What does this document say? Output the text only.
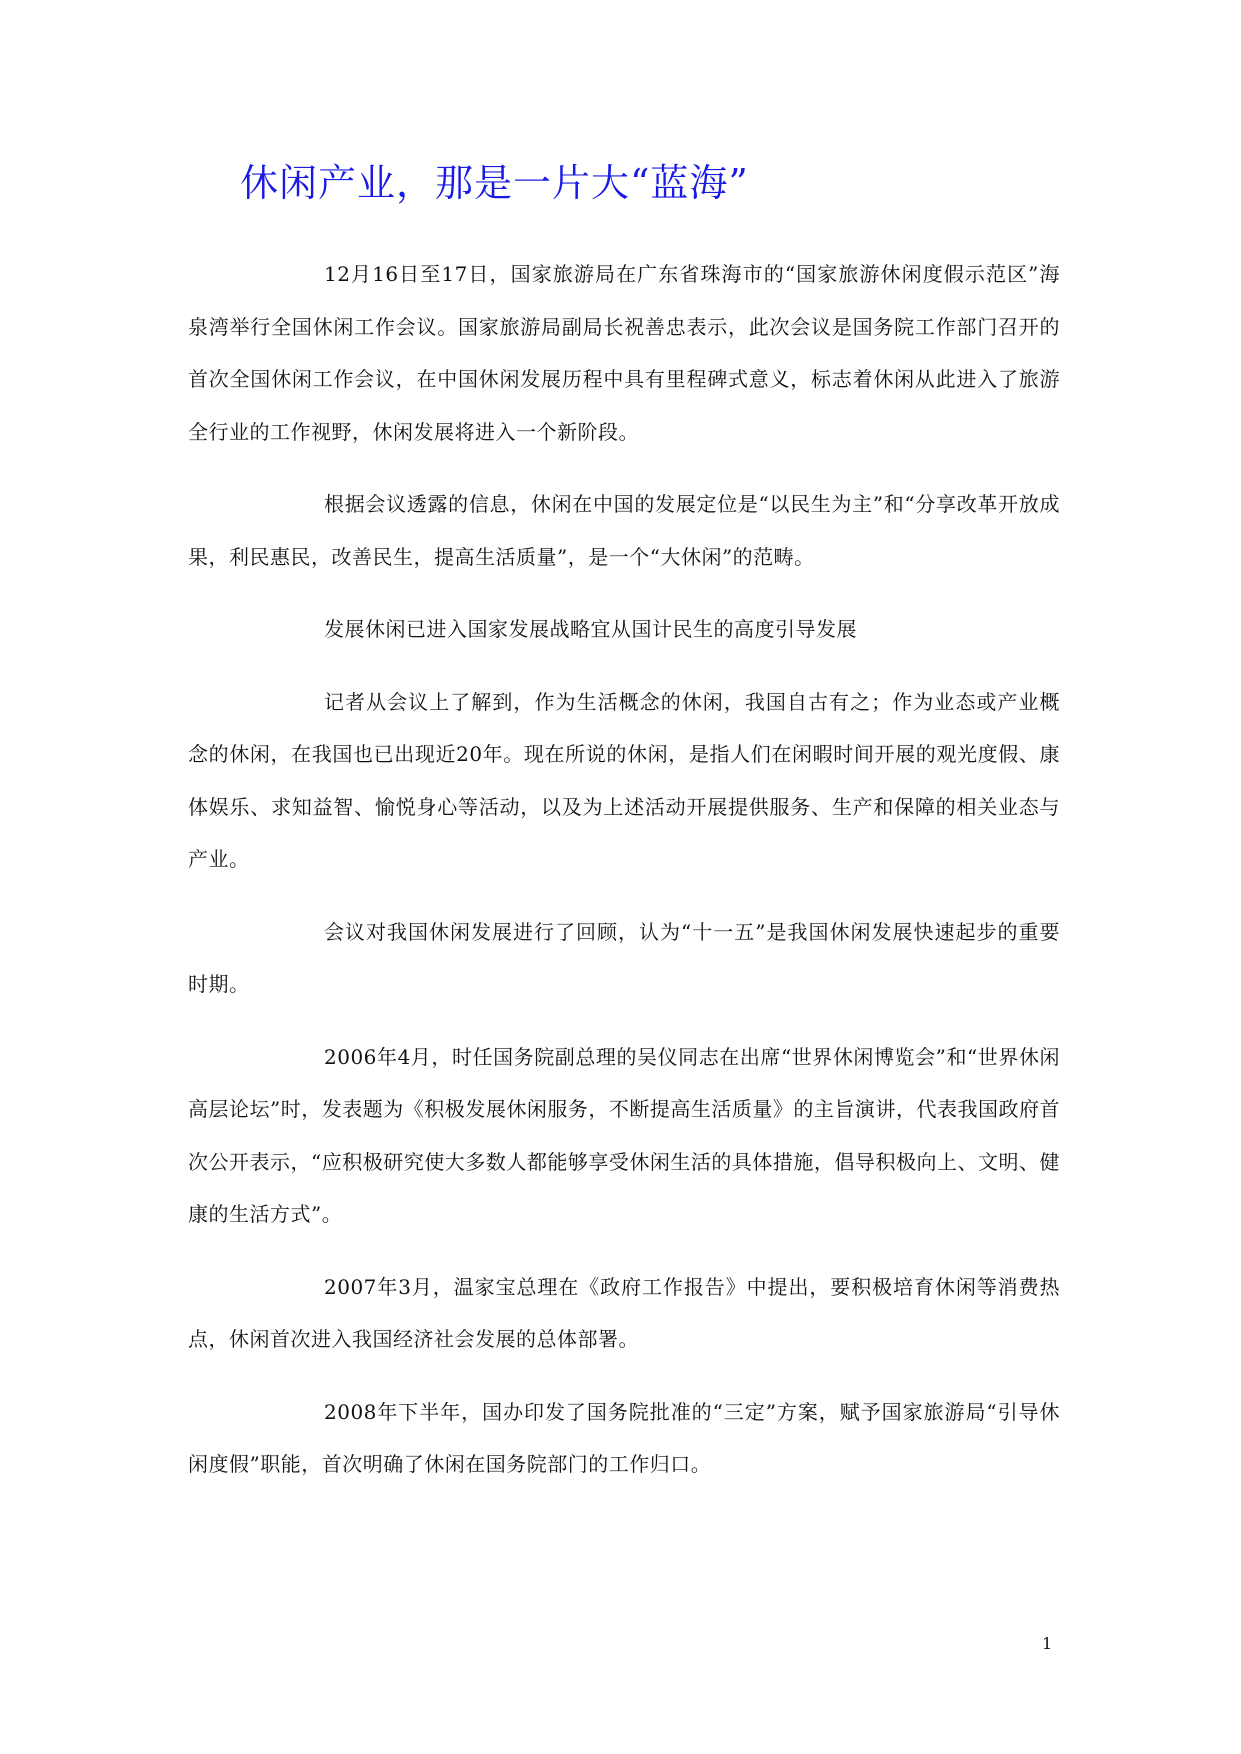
休闲产业，那是一片大“蓝海”

12月16日至17日，国家旅游局在广东省珠海市的“国家旅游休闲度假示范区”海泉湾举行全国休闲工作会议。国家旅游局副局长祝善忠表示，此次会议是国务院工作部门召开的首次全国休闲工作会议，在中国休闲发展历程中具有里程碑式意义，标志着休闲从此进入了旅游全行业的工作视野，休闲发展将进入一个新阶段。

根据会议透露的信息，休闲在中国的发展定位是“以民生为主”和“分享改革开放成果，利民惠民，改善民生，提高生活质量”，是一个“大休闲”的范畴。

发展休闲已进入国家发展战略宜从国计民生的高度引导发展

记者从会议上了解到，作为生活概念的休闲，我国自古有之；作为业态或产业概念的休闲，在我国也已出现近20年。现在所说的休闲，是指人们在闲暇时间开展的观光度假、康体娱乐、求知益智、愉悦身心等活动，以及为上述活动开展提供服务、生产和保障的相关业态与产业。

会议对我国休闲发展进行了回顾，认为“十一五”是我国休闲发展快速起步的重要时期。

2006年4月，时任国务院副总理的吴仪同志在出席“世界休闲博览会”和“世界休闲高层论坛”时，发表题为《积极发展休闲服务，不断提高生活质量》的主旨演讲，代表我国政府首次公开表示，“应积极研究使大多数人都能够享受休闲生活的具体措施，倡导积极向上、文明、健康的生活方式”。

2007年3月，温家宝总理在《政府工作报告》中提出，要积极培育休闲等消费热点，休闲首次进入我国经济社会发展的总体部署。

2008年下半年，国办印发了国务院批准的“三定”方案，赋予国家旅游局“引导休闲度假”职能，首次明确了休闲在国务院部门的工作归口。

1
